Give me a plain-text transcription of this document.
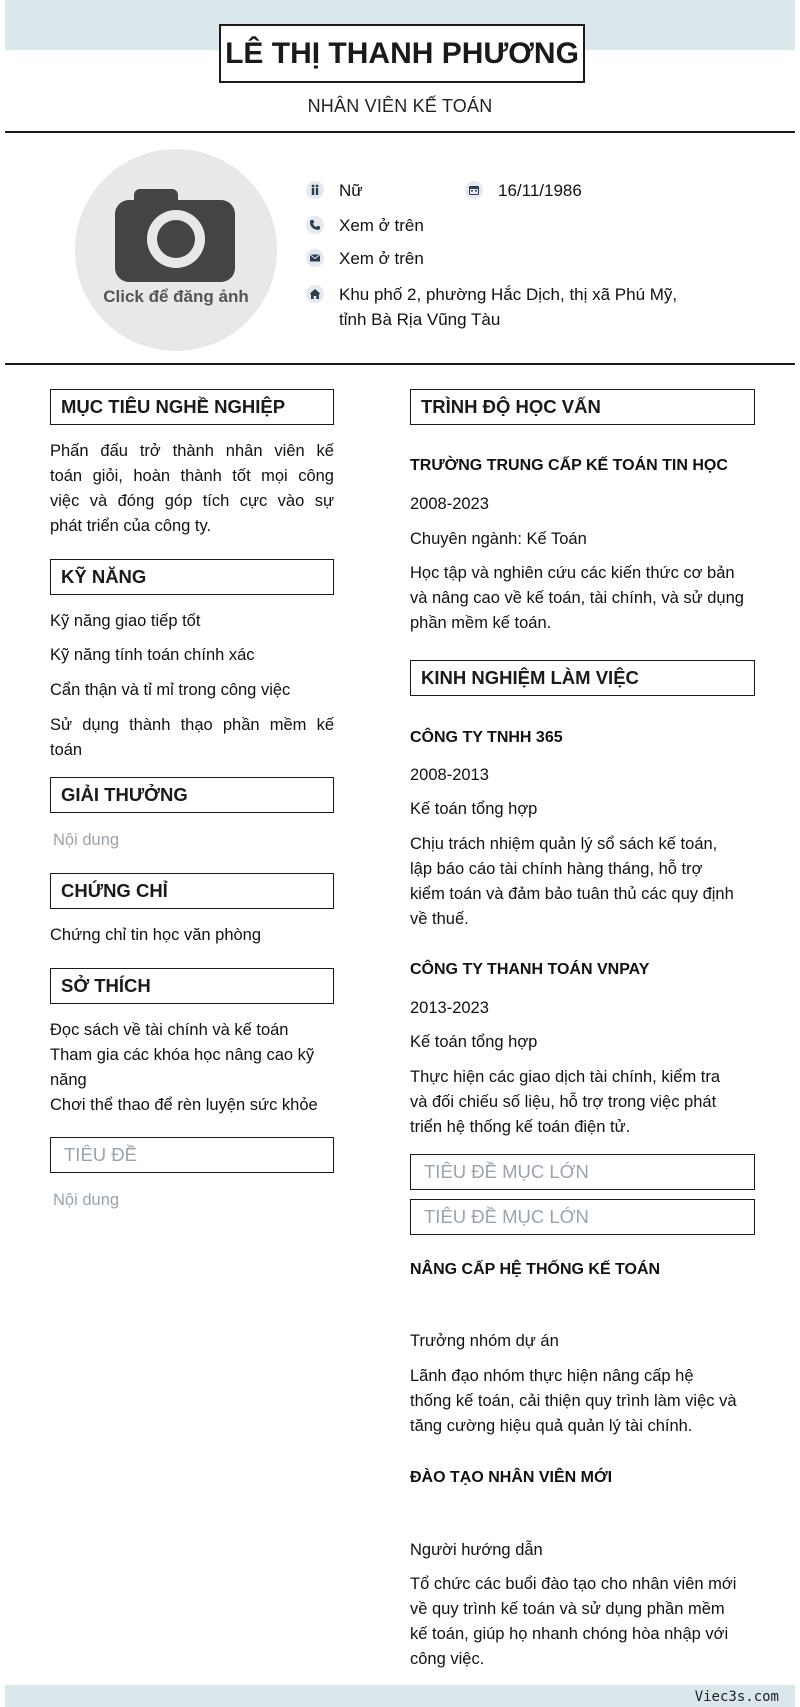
LÊ THỊ THANH PHƯƠNG
NHÂN VIÊN KẾ TOÁN
Click để đăng ảnh
Nữ	16/11/1986
Xem ở trên
Xem ở trên
Khu phố 2, phường Hắc Dịch, thị xã Phú Mỹ,
tỉnh Bà Rịa Vũng Tàu
MỤC TIÊU NGHỀ NGHIỆP
Phấn đấu trở thành nhân viên kế
toán giỏi, hoàn thành tốt mọi công
việc và đóng góp tích cực vào sự
phát triển của công ty.
KỸ NĂNG
Kỹ năng giao tiếp tốt
Kỹ năng tính toán chính xác
Cẩn thận và tỉ mỉ trong công việc
Sử dụng thành thạo phần mềm kế
toán
GIẢI THƯỞNG
Nội dung
CHỨNG CHỈ
Chứng chỉ tin học văn phòng
SỞ THÍCH
Đọc sách về tài chính và kế toán
Tham gia các khóa học nâng cao kỹ
năng
Chơi thể thao để rèn luyện sức khỏe
TIÊU ĐỀ
Nội dung
TRÌNH ĐỘ HỌC VẤN
TRƯỜNG TRUNG CẤP KẾ TOÁN TIN HỌC
2008-2023
Chuyên ngành: Kế Toán
Học tập và nghiên cứu các kiến thức cơ bản
và nâng cao về kế toán, tài chính, và sử dụng
phần mềm kế toán.
KINH NGHIỆM LÀM VIỆC
CÔNG TY TNHH 365
2008-2013
Kế toán tổng hợp
Chịu trách nhiệm quản lý sổ sách kế toán,
lập báo cáo tài chính hàng tháng, hỗ trợ
kiểm toán và đảm bảo tuân thủ các quy định
về thuế.
CÔNG TY THANH TOÁN VNPAY
2013-2023
Kế toán tổng hợp
Thực hiện các giao dịch tài chính, kiểm tra
và đối chiếu số liệu, hỗ trợ trong việc phát
triển hệ thống kế toán điện tử.
TIÊU ĐỀ MỤC LỚN
TIÊU ĐỀ MỤC LỚN
NÂNG CẤP HỆ THỐNG KẾ TOÁN
Trưởng nhóm dự án
Lãnh đạo nhóm thực hiện nâng cấp hệ
thống kế toán, cải thiện quy trình làm việc và
tăng cường hiệu quả quản lý tài chính.
ĐÀO TẠO NHÂN VIÊN MỚI
Người hướng dẫn
Tổ chức các buổi đào tạo cho nhân viên mới
về quy trình kế toán và sử dụng phần mềm
kế toán, giúp họ nhanh chóng hòa nhập với
công việc.
Viec3s.com
